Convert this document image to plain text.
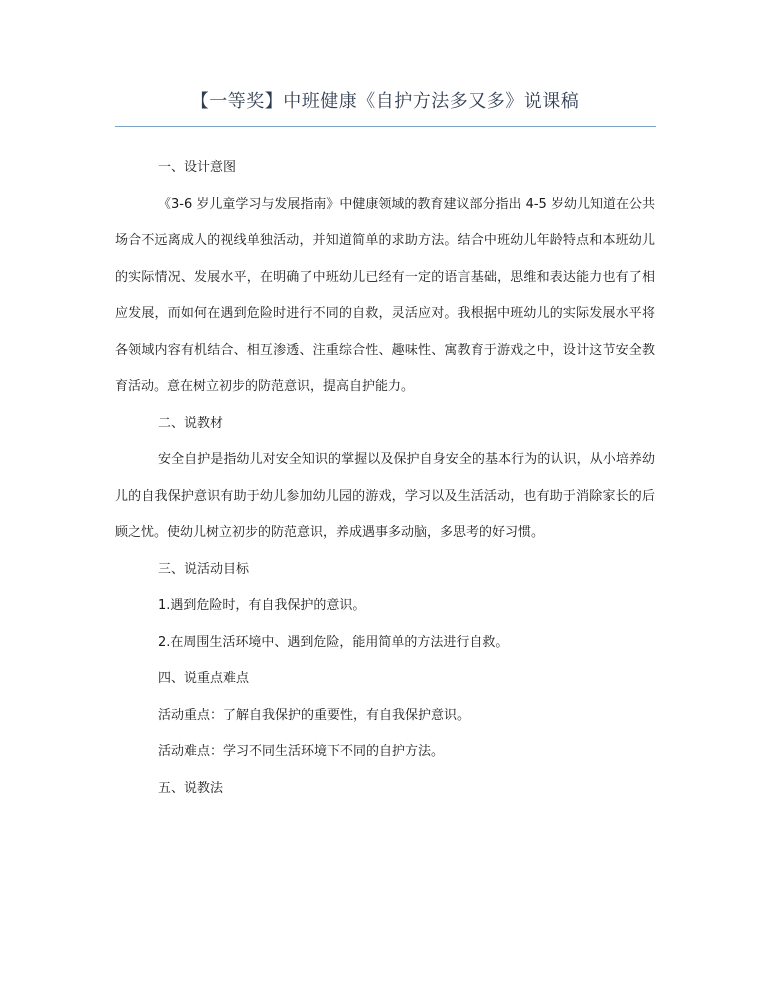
【一等奖】中班健康《自护方法多又多》说课稿

一、设计意图

《3-6 岁儿童学习与发展指南》中健康领域的教育建议部分指出 4-5 岁幼儿知道在公共场合不远离成人的视线单独活动，并知道简单的求助方法。结合中班幼儿年龄特点和本班幼儿的实际情况、发展水平，在明确了中班幼儿已经有一定的语言基础，思维和表达能力也有了相应发展，而如何在遇到危险时进行不同的自救，灵活应对。我根据中班幼儿的实际发展水平将各领域内容有机结合、相互渗透、注重综合性、趣味性、寓教育于游戏之中，设计这节安全教育活动。意在树立初步的防范意识，提高自护能力。

二、说教材

安全自护是指幼儿对安全知识的掌握以及保护自身安全的基本行为的认识，从小培养幼儿的自我保护意识有助于幼儿参加幼儿园的游戏，学习以及生活活动，也有助于消除家长的后顾之忧。使幼儿树立初步的防范意识，养成遇事多动脑，多思考的好习惯。

三、说活动目标

1.遇到危险时，有自我保护的意识。

2.在周围生活环境中、遇到危险，能用简单的方法进行自救。

四、说重点难点

活动重点：了解自我保护的重要性，有自我保护意识。

活动难点：学习不同生活环境下不同的自护方法。

五、说教法
